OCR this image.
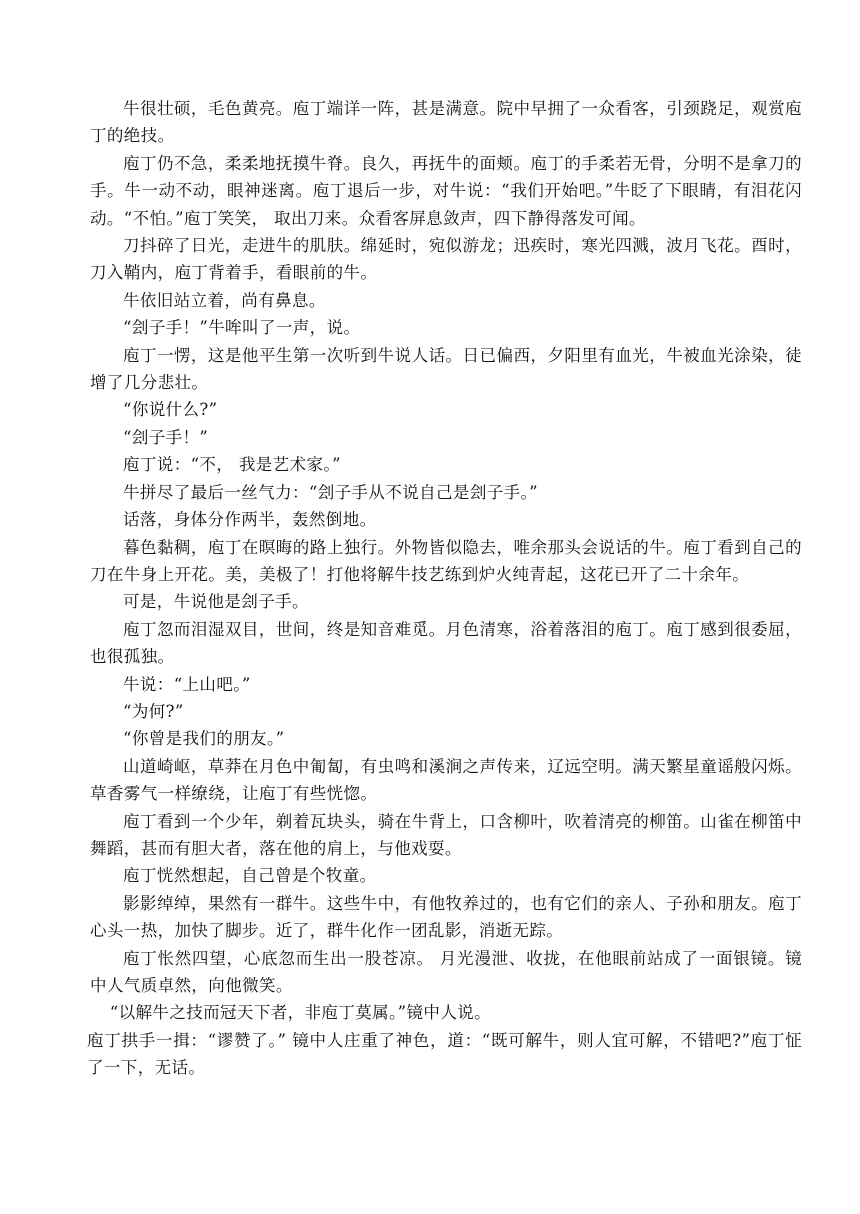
牛很壮硕，毛色黄亮。庖丁端详一阵，甚是满意。院中早拥了一众看客，引颈跷足，观赏庖丁的绝技。

庖丁仍不急，柔柔地抚摸牛脊。良久，再抚牛的面颊。庖丁的手柔若无骨，分明不是拿刀的手。牛一动不动，眼神迷离。庖丁退后一步，对牛说：“我们开始吧。”牛眨了下眼睛，有泪花闪动。“不怕。”庖丁笑笑， 取出刀来。众看客屏息敛声，四下静得落发可闻。

刀抖碎了日光，走进牛的肌肤。绵延时，宛似游龙；迅疾时，寒光四溅，波月飞花。酉时，刀入鞘内，庖丁背着手，看眼前的牛。

牛依旧站立着，尚有鼻息。

“刽子手！”牛哞叫了一声，说。

庖丁一愣，这是他平生第一次听到牛说人话。日已偏西，夕阳里有血光，牛被血光涂染，徒增了几分悲壮。

“你说什么?”

“刽子手！”

庖丁说：“不， 我是艺术家。”

牛拼尽了最后一丝气力：“刽子手从不说自己是刽子手。”

话落，身体分作两半，轰然倒地。

暮色黏稠，庖丁在暝晦的路上独行。外物皆似隐去，唯余那头会说话的牛。庖丁看到自己的刀在牛身上开花。美，美极了！打他将解牛技艺练到炉火纯青起，这花已开了二十余年。

可是，牛说他是刽子手。

庖丁忽而泪湿双目，世间，终是知音难觅。月色清寒，浴着落泪的庖丁。庖丁感到很委屈，也很孤独。

牛说：“上山吧。”

“为何?”

“你曾是我们的朋友。”

山道崎岖，草莽在月色中匍匐，有虫鸣和溪涧之声传来，辽远空明。满天繁星童谣般闪烁。草香雾气一样缭绕，让庖丁有些恍惚。

庖丁看到一个少年，剃着瓦块头，骑在牛背上，口含柳叶，吹着清亮的柳笛。山雀在柳笛中舞蹈，甚而有胆大者，落在他的肩上，与他戏耍。

庖丁恍然想起，自己曾是个牧童。

影影绰绰，果然有一群牛。这些牛中，有他牧养过的，也有它们的亲人、子孙和朋友。庖丁心头一热，加快了脚步。近了，群牛化作一团乱影，消逝无踪。

庖丁怅然四望，心底忽而生出一股苍凉。 月光漫泄、收拢，在他眼前站成了一面银镜。镜中人气质卓然，向他微笑。

“以解牛之技而冠天下者，非庖丁莫属。”镜中人说。

庖丁拱手一揖：“谬赞了。” 镜中人庄重了神色，道：“既可解牛，则人宜可解，不错吧?”庖丁怔了一下，无话。
